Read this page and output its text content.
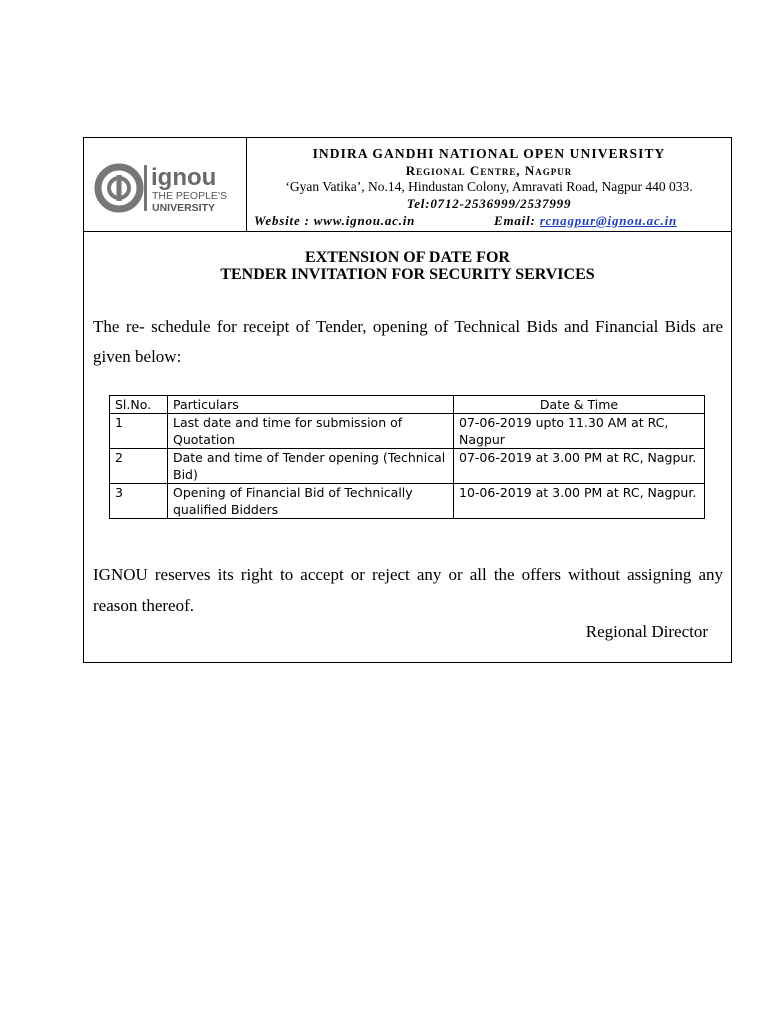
ignou
THE PEOPLE'S
UNIVERSITY
INDIRA GANDHI NATIONAL OPEN UNIVERSITY
Regional Centre, Nagpur
‘Gyan Vatika’, No.14, Hindustan Colony, Amravati Road, Nagpur 440 033.
Tel:0712-2536999/2537999
Website : www.ignou.ac.in	Email: rcnagpur@ignou.ac.in
EXTENSION OF DATE FOR
TENDER INVITATION FOR SECURITY SERVICES
The re- schedule for receipt of Tender, opening of Technical Bids and Financial Bids are given below:
Sl.No.	Particulars	Date & Time
1	Last date and time for submission of Quotation	07-06-2019 upto 11.30 AM at RC, Nagpur
2	Date and time of Tender opening (Technical Bid)	07-06-2019 at 3.00 PM at RC, Nagpur.
3	Opening of Financial Bid of Technically qualified Bidders	10-06-2019 at 3.00 PM at RC, Nagpur.
IGNOU reserves its right to accept or reject any or all the offers without assigning any reason thereof.
Regional Director
